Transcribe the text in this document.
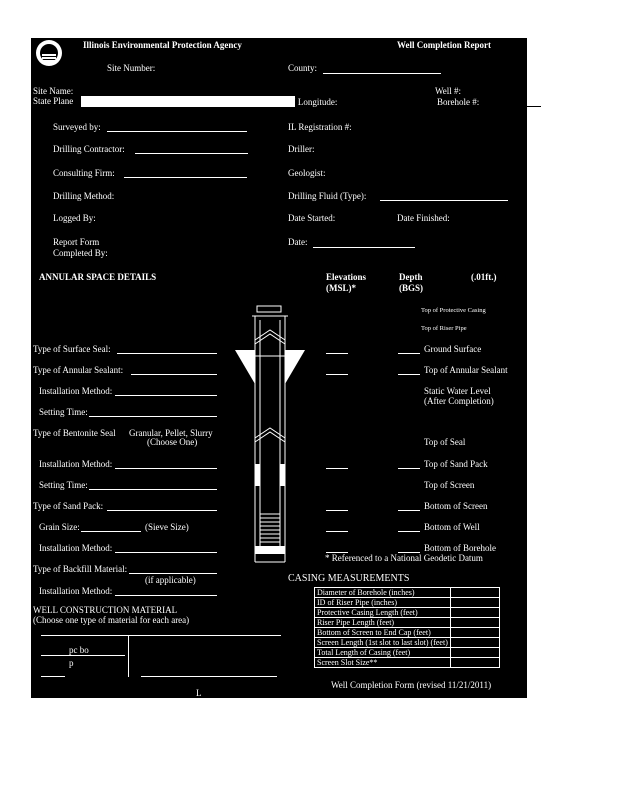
Illinois Environmental Protection Agency	Well Completion Report
Site Number:	County:
Site Name:	Well #:
State Plane	" Longitude:	Borehole #:
Surveyed by:	IL Registration #:
Drilling Contractor:	Driller:
Consulting Firm:	Geologist:
Drilling Method:	Drilling Fluid (Type):
Logged By:	Date Started:	Date Finished:
Report Form
Completed By:
Date:
ANNULAR SPACE DETAILS	Elevations
(MSL)*
Depth
(BGS)
(.01ft.)
Type of Surface Seal:
Type of Annular Sealant:
Installation Method:
Setting Time:
Type of Bentonite Seal Granular, Pellet, Slurry
(Choose One)
Installation Method:
Setting Time:
Type of Sand Pack:
Grain Size:	(Sieve Size)
Installation Method:
Type of Backfill Material:
(if applicable)
Installation Method:
Top of Protective Casing
Top of Riser Pipe
Ground Surface
Top of Annular Sealant
Static Water Level
(After Completion)
Top of Seal
Top of Sand Pack
Top of Screen
Bottom of Screen
Bottom of Well
Bottom of Borehole
* Referenced to a National Geodetic Datum
CASING MEASUREMENTS
Diameter of Borehole (inches)	
ID of Riser Pipe (inches)	
Protective Casing Length (feet)	
Riser Pipe Length (feet)	
Bottom of Screen to End Cap (feet)	
Screen Length (1st slot to last slot) (feet)	
Total Length of Casing (feet)	
Screen Slot Size**	
WELL CONSTRUCTION MATERIAL
(Choose one type of material for each area)
pc bo
p
Well Completion Form (revised 11/21/2011)
L
